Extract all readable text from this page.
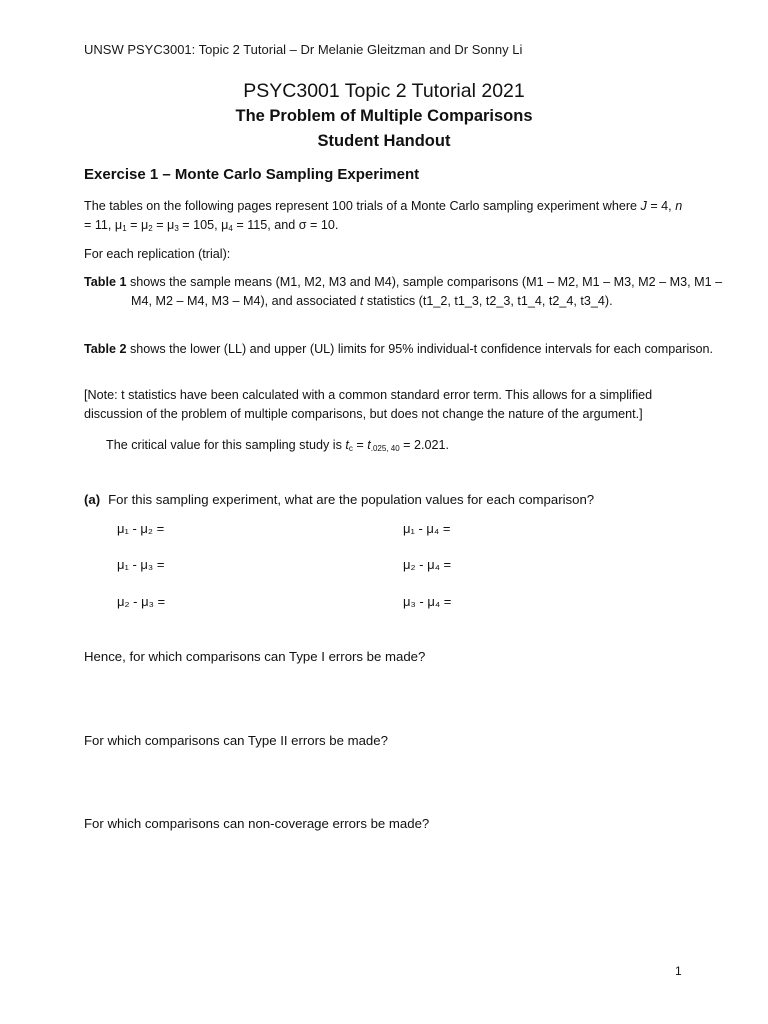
UNSW PSYC3001: Topic 2 Tutorial – Dr Melanie Gleitzman and Dr Sonny Li

PSYC3001 Topic 2 Tutorial 2021

The Problem of Multiple Comparisons

Student Handout

Exercise 1 – Monte Carlo Sampling Experiment

The tables on the following pages represent 100 trials of a Monte Carlo sampling experiment where J = 4, n = 11, $\mu_1 = \mu_2 = \mu_3 = 105$, $\mu_4 = 115$, and σ = 10.

For each replication (trial):

Table 1 shows the sample means (M1, M2, M3 and M4), sample comparisons (M1 – M2, M1 – M3, M2 – M3, M1 – M4, M2 – M4, M3 – M4), and associated t statistics (t1_2, t1_3, t2_3, t1_4, t2_4, t3_4).

Table 2 shows the lower (LL) and upper (UL) limits for 95% individual-t confidence intervals for each comparison.

[Note: t statistics have been calculated with a common standard error term. This allows for a simplified discussion of the problem of multiple comparisons, but does not change the nature of the argument.]

The critical value for this sampling study is $t_c = t_{.025, 40} = 2.021$.
(a) For this sampling experiment, what are the population values for each comparison?
μ₁ - μ₂ =
μ₁ - μ₃ =
μ₂ - μ₃ =
μ₁ - μ₄ =
μ₂ - μ₄ =
μ₃ - μ₄ =
Hence, for which comparisons can Type I errors be made?
For which comparisons can Type II errors be made?
For which comparisons can non-coverage errors be made?
1
